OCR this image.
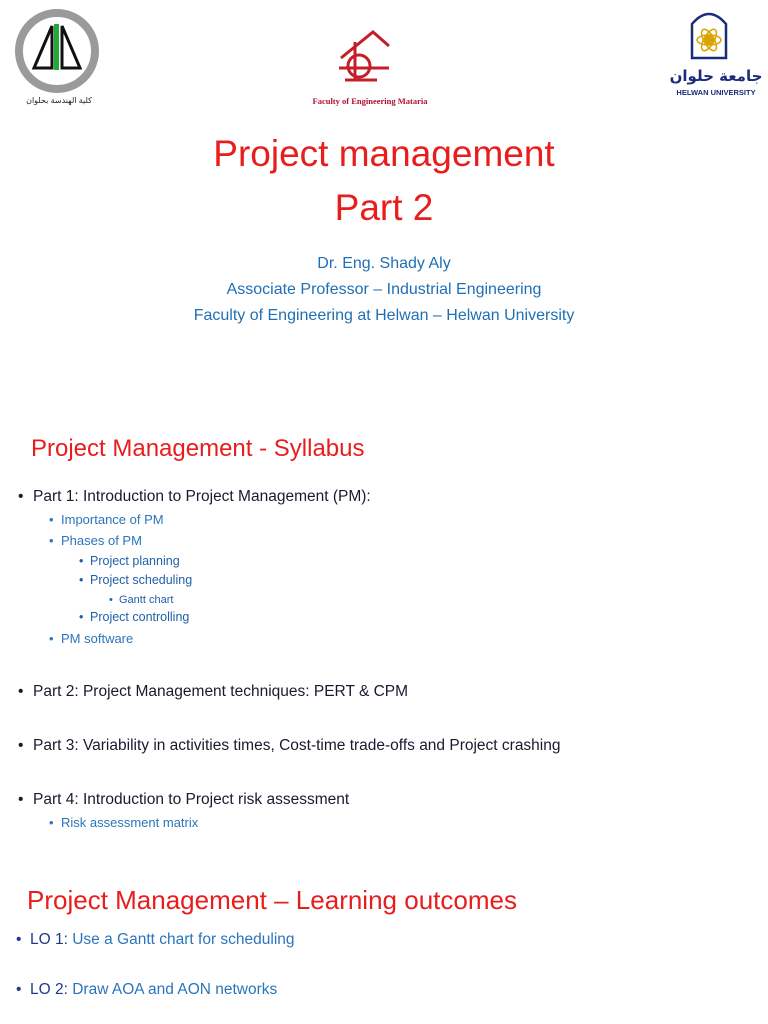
كلية الهندسة بحلوان	Faculty of Engineering Mataria
جامعة حلوان
HELWAN UNIVERSITY
Project management
Part 2
Dr. Eng. Shady Aly
Associate Professor – Industrial Engineering
Faculty of Engineering at Helwan – Helwan University
Project Management - Syllabus
• Part 1: Introduction to Project Management (PM):
• Importance of PM
• Phases of PM
• Project planning
• Project scheduling
• Gantt chart
• Project controlling
• PM software
• Part 2: Project Management techniques: PERT & CPM
• Part 3: Variability in activities times, Cost-time trade-offs and Project crashing
• Part 4: Introduction to Project risk assessment
• Risk assessment matrix
Project Management – Learning outcomes
• LO 1: Use a Gantt chart for scheduling
• LO 2: Draw AOA and AON networks
